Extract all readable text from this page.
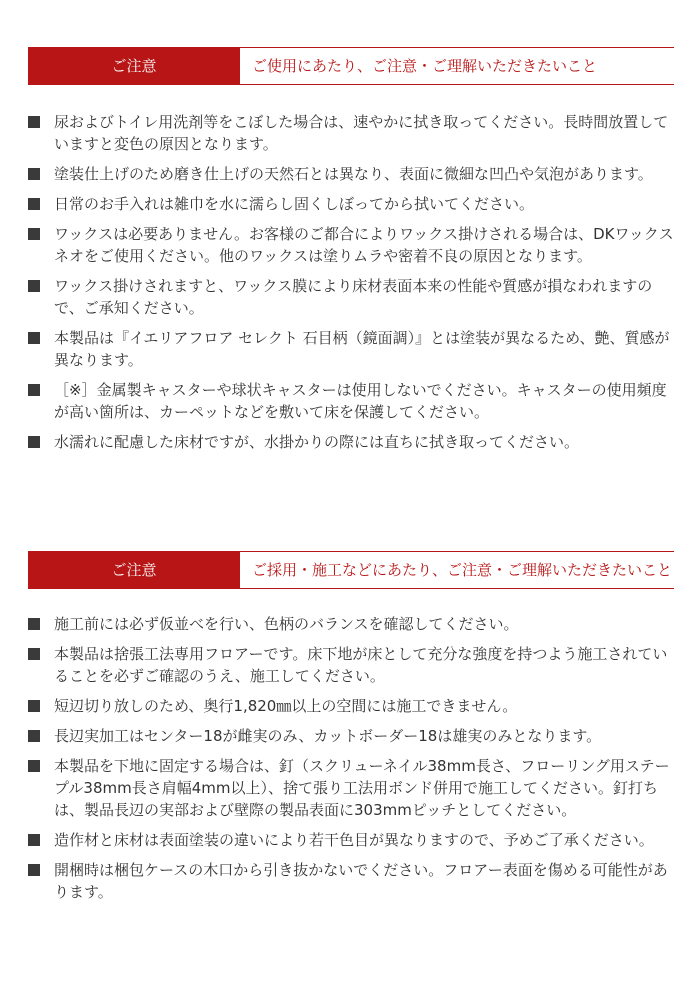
ご注意	ご使用にあたり、ご注意・ご理解いただきたいこと
尿およびトイレ用洗剤等をこぼした場合は、速やかに拭き取ってください。長時間放置していますと変色の原因となります。
塗装仕上げのため磨き仕上げの天然石とは異なり、表面に微細な凹凸や気泡があります。
日常のお手入れは雑巾を水に濡らし固くしぼってから拭いてください。
ワックスは必要ありません。お客様のご都合によりワックス掛けされる場合は、DKワックスネオをご使用ください。他のワックスは塗りムラや密着不良の原因となります。
ワックス掛けされますと、ワックス膜により床材表面本来の性能や質感が損なわれますので、ご承知ください。
本製品は『イエリアフロア セレクト 石目柄（鏡面調）』とは塗装が異なるため、艶、質感が異なります。
［※］金属製キャスターや球状キャスターは使用しないでください。キャスターの使用頻度が高い箇所は、カーペットなどを敷いて床を保護してください。
水濡れに配慮した床材ですが、水掛かりの際には直ちに拭き取ってください。
ご注意	ご採用・施工などにあたり、ご注意・ご理解いただきたいこと
施工前には必ず仮並べを行い、色柄のバランスを確認してください。
本製品は捨張工法専用フロアーです。床下地が床として充分な強度を持つよう施工されていることを必ずご確認のうえ、施工してください。
短辺切り放しのため、奥行1,820㎜以上の空間には施工できません。
長辺実加工はセンター18が雌実のみ、カットボーダー18は雄実のみとなります。
本製品を下地に固定する場合は、釘（スクリューネイル38mm長さ、フローリング用ステープル38mm長さ肩幅4mm以上）、捨て張り工法用ボンド併用で施工してください。釘打ちは、製品長辺の実部および壁際の製品表面に303mmピッチとしてください。
造作材と床材は表面塗装の違いにより若干色目が異なりますので、予めご了承ください。
開梱時は梱包ケースの木口から引き抜かないでください。フロアー表面を傷める可能性があります。
